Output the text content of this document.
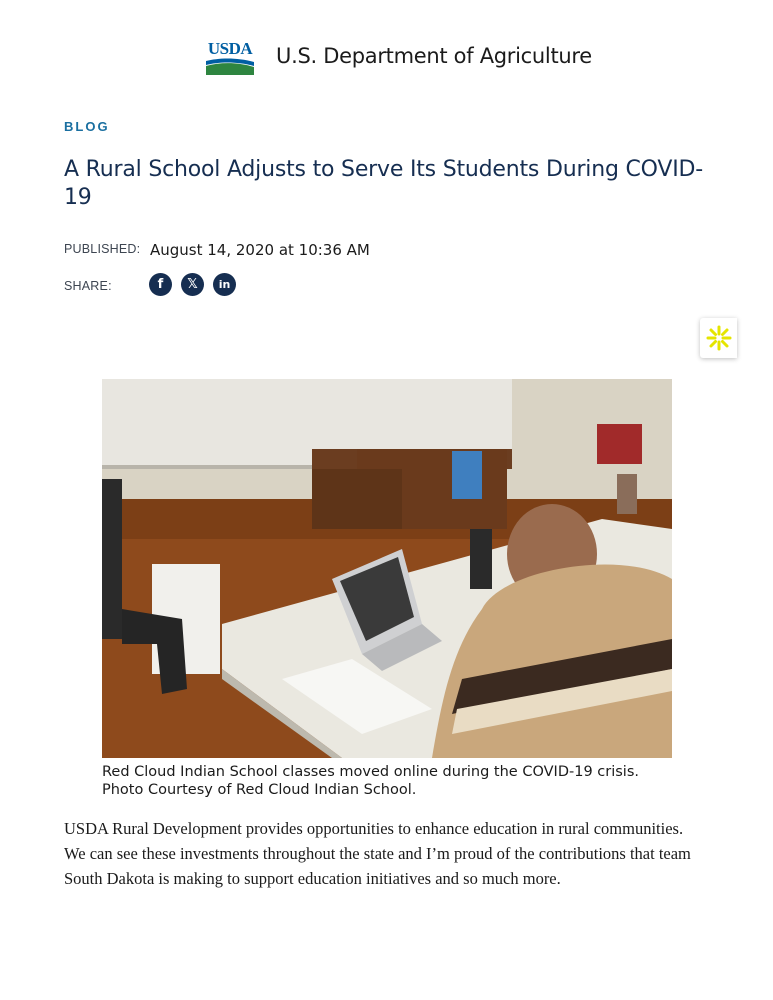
USDA U.S. Department of Agriculture
BLOG
A Rural School Adjusts to Serve Its Students During COVID-19
PUBLISHED: August 14, 2020 at 10:36 AM
SHARE:	f	𝕏	in
Red Cloud Indian School classes moved online during the COVID-19 crisis.
Photo Courtesy of Red Cloud Indian School.

USDA Rural Development provides opportunities to enhance education in rural communities. We can see these investments throughout the state and I’m proud of the contributions that team South Dakota is making to support education initiatives and so much more.
